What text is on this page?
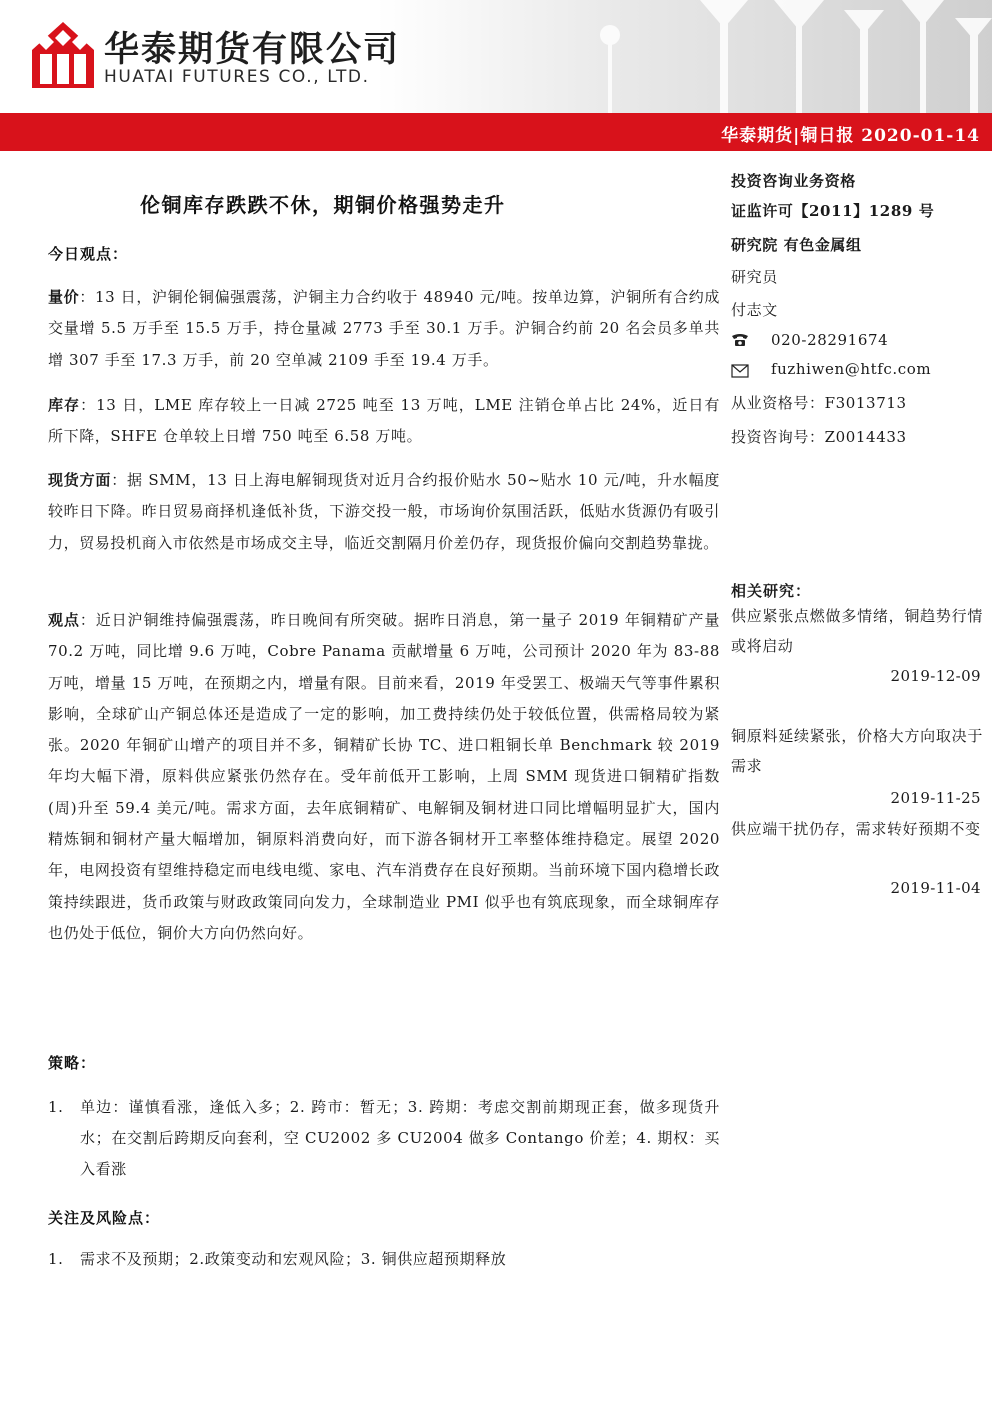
华泰期货有限公司
HUATAI FUTURES CO., LTD.
华泰期货|铜日报 2020-01-14
伦铜库存跌跌不休，期铜价格强势走升
今日观点：
量价：13 日，沪铜伦铜偏强震荡，沪铜主力合约收于 48940 元/吨。按单边算，沪铜所有合约成交量增 5.5 万手至 15.5 万手，持仓量减 2773 手至 30.1 万手。沪铜合约前 20 名会员多单共增 307 手至 17.3 万手，前 20 空单减 2109 手至 19.4 万手。
库存：13 日，LME 库存较上一日减 2725 吨至 13 万吨，LME 注销仓单占比 24%，近日有所下降，SHFE 仓单较上日增 750 吨至 6.58 万吨。
现货方面：据 SMM，13 日上海电解铜现货对近月合约报价贴水 50~贴水 10 元/吨，升水幅度较昨日下降。昨日贸易商择机逢低补货，下游交投一般，市场询价氛围活跃，低贴水货源仍有吸引力，贸易投机商入市依然是市场成交主导，临近交割隔月价差仍存，现货报价偏向交割趋势靠拢。
观点：近日沪铜维持偏强震荡，昨日晚间有所突破。据昨日消息，第一量子 2019 年铜精矿产量 70.2 万吨，同比增 9.6 万吨，Cobre Panama 贡献增量 6 万吨，公司预计 2020 年为 83-88 万吨，增量 15 万吨，在预期之内，增量有限。目前来看，2019 年受罢工、极端天气等事件累积影响，全球矿山产铜总体还是造成了一定的影响，加工费持续仍处于较低位置，供需格局较为紧张。2020 年铜矿山增产的项目并不多，铜精矿长协 TC、进口粗铜长单 Benchmark 较 2019 年均大幅下滑，原料供应紧张仍然存在。受年前低开工影响，上周 SMM 现货进口铜精矿指数(周)升至 59.4 美元/吨。需求方面，去年底铜精矿、电解铜及铜材进口同比增幅明显扩大，国内精炼铜和铜材产量大幅增加，铜原料消费向好，而下游各铜材开工率整体维持稳定。展望 2020 年，电网投资有望维持稳定而电线电缆、家电、汽车消费存在良好预期。当前环境下国内稳增长政策持续跟进，货币政策与财政政策同向发力，全球制造业 PMI 似乎也有筑底现象，而全球铜库存也仍处于低位，铜价大方向仍然向好。
策略：
1. 单边：谨慎看涨，逢低入多；2. 跨市：暂无；3. 跨期：考虑交割前期现正套，做多现货升水；在交割后跨期反向套利，空 CU2002 多 CU2004 做多 Contango 价差；4. 期权：买入看涨
关注及风险点：
1. 需求不及预期；2.政策变动和宏观风险；3. 铜供应超预期释放
投资咨询业务资格
证监许可【2011】1289 号
研究院 有色金属组
研究员
付志文
020-28291674
fuzhiwen@htfc.com
从业资格号：F3013713
投资咨询号：Z0014433
相关研究：
供应紧张点燃做多情绪，铜趋势行情或将启动
2019-12-09
铜原料延续紧张，价格大方向取决于需求
2019-11-25
供应端干扰仍存，需求转好预期不变
2019-11-04
